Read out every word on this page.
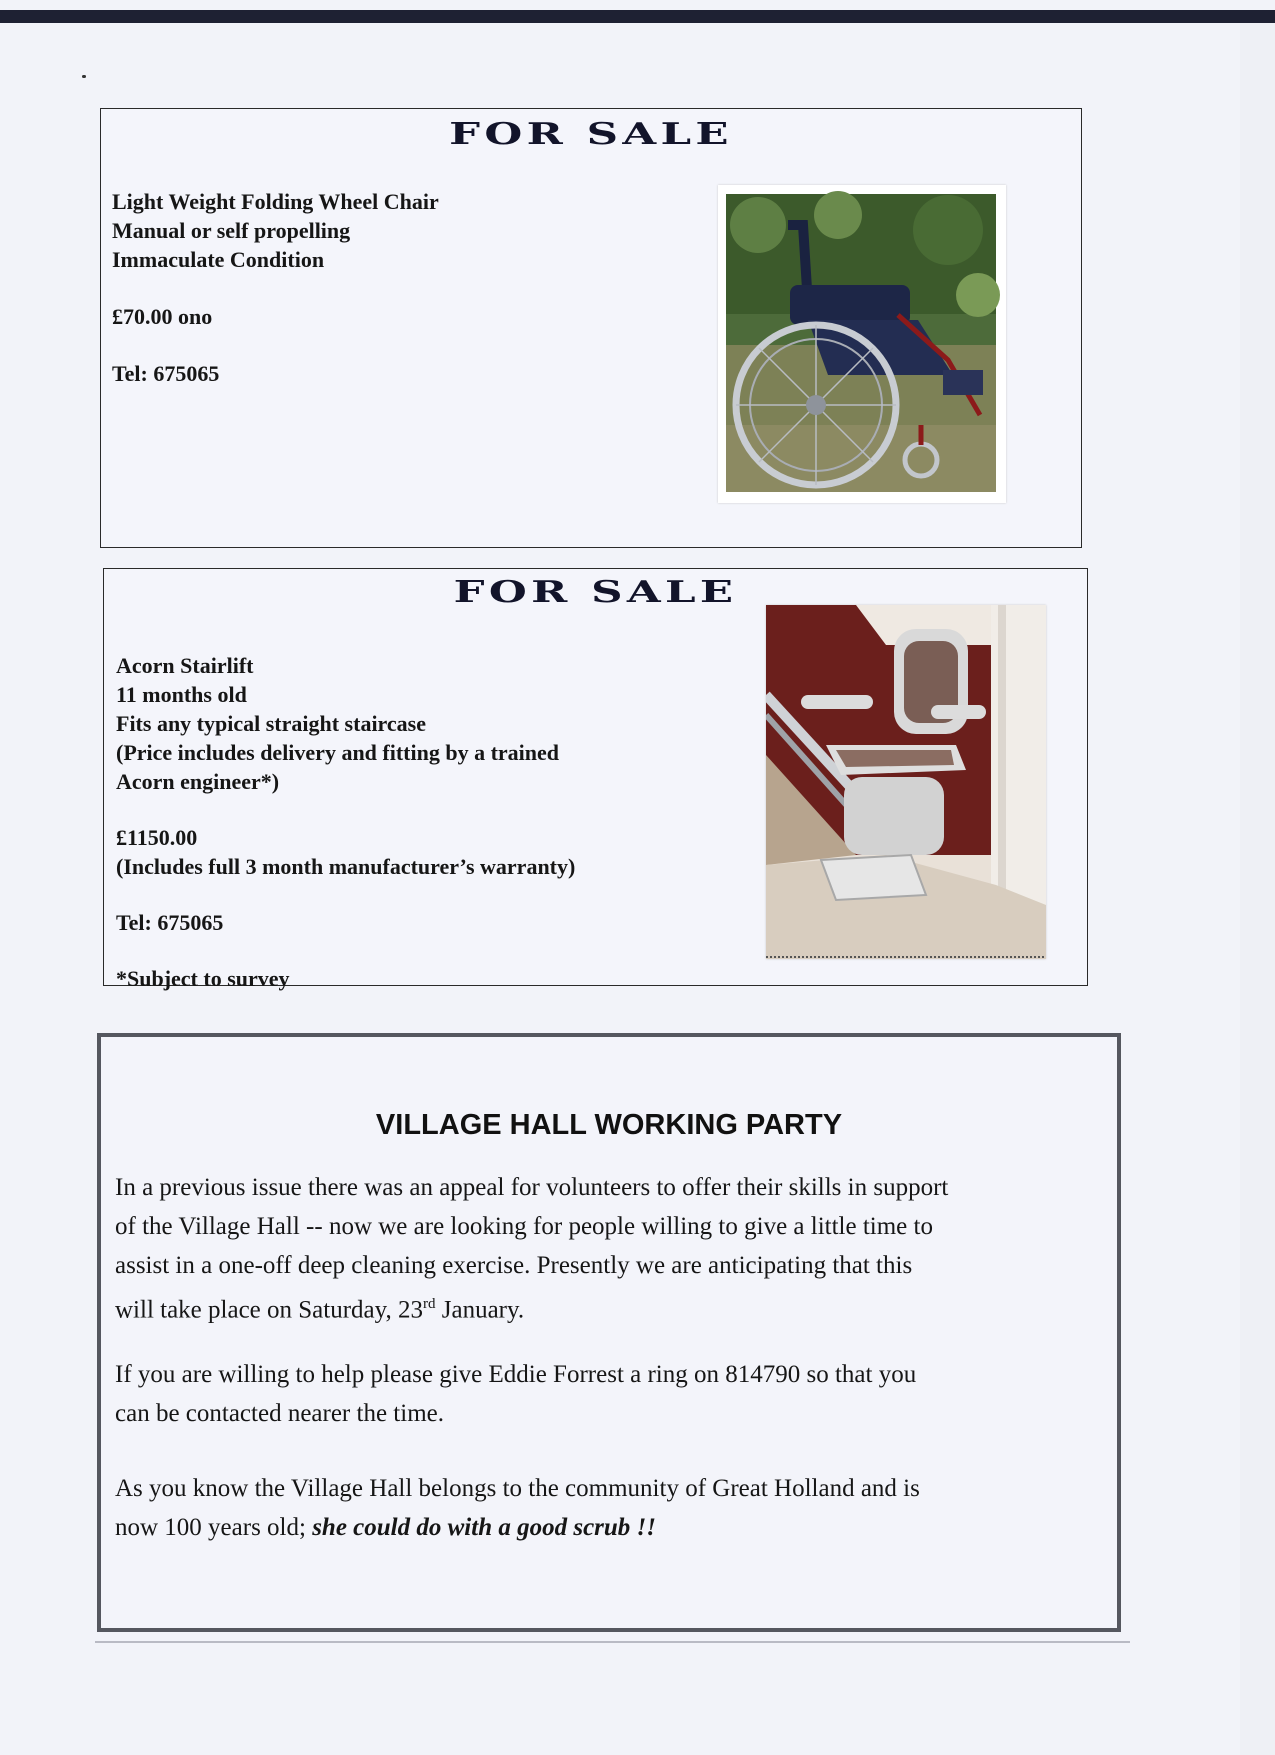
FOR SALE
Light Weight Folding Wheel Chair
Manual or self propelling
Immaculate Condition
£70.00 ono
Tel: 675065
FOR SALE
Acorn Stairlift
11 months old
Fits any typical straight staircase
(Price includes delivery and fitting by a trained
Acorn engineer*)
£1150.00
(Includes full 3 month manufacturer’s warranty)
Tel: 675065
*Subject to survey
VILLAGE HALL WORKING PARTY
In a previous issue there was an appeal for volunteers to offer their skills in support
of the Village Hall -- now we are looking for people willing to give a little time to
assist in a one-off deep cleaning exercise. Presently we are anticipating that this
will take place on Saturday, 23rd January.
If you are willing to help please give Eddie Forrest a ring on 814790 so that you
can be contacted nearer the time.
As you know the Village Hall belongs to the community of Great Holland and is
now 100 years old; she could do with a good scrub !!
